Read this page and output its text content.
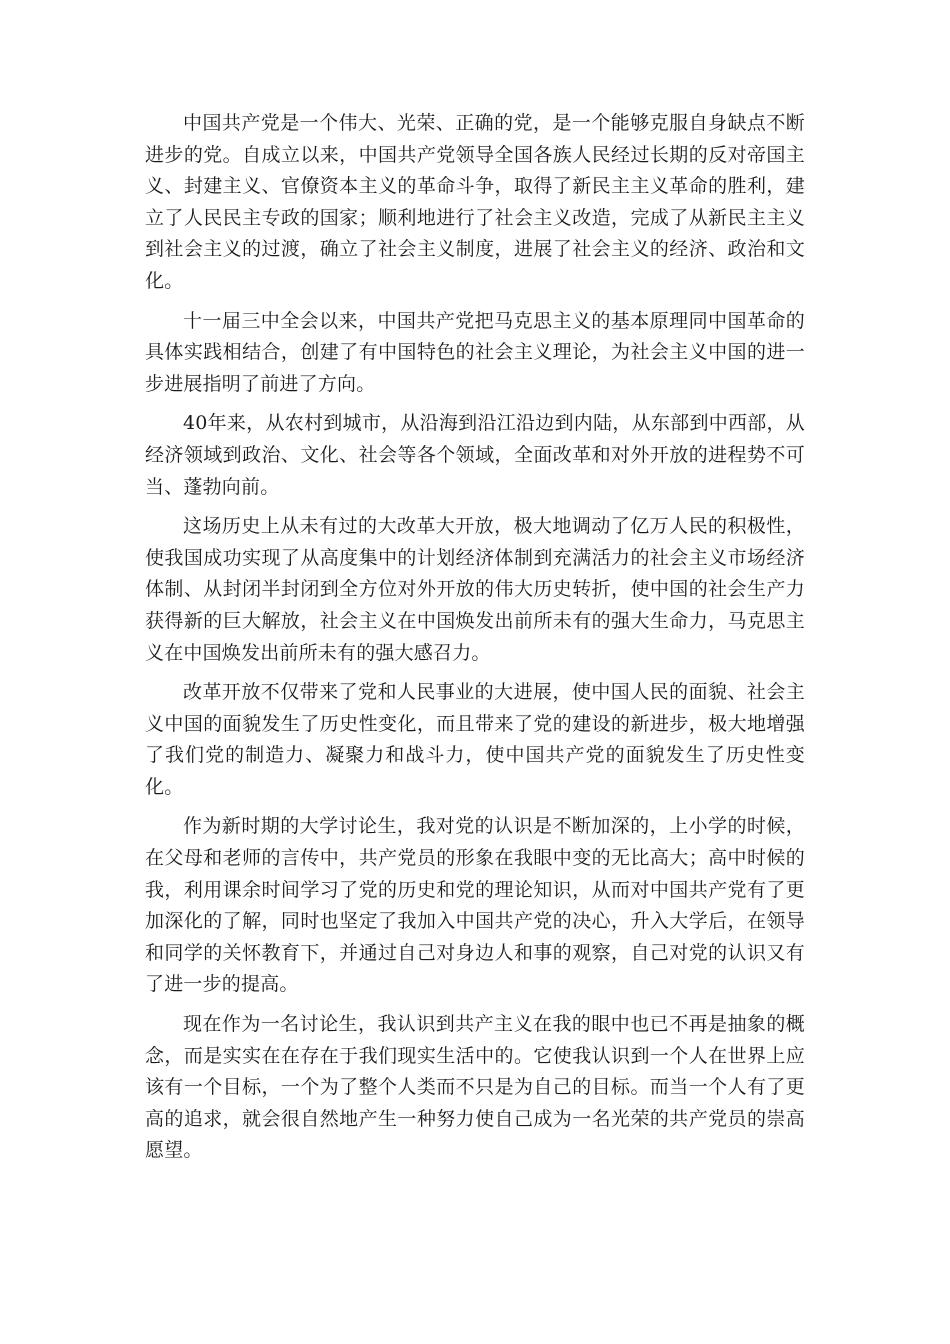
中国共产党是一个伟大、光荣、正确的党，是一个能够克服自身缺点不断进步的党。自成立以来，中国共产党领导全国各族人民经过长期的反对帝国主义、封建主义、官僚资本主义的革命斗争，取得了新民主主义革命的胜利，建立了人民民主专政的国家；顺利地进行了社会主义改造，完成了从新民主主义到社会主义的过渡，确立了社会主义制度，进展了社会主义的经济、政治和文化。

十一届三中全会以来，中国共产党把马克思主义的基本原理同中国革命的具体实践相结合，创建了有中国特色的社会主义理论，为社会主义中国的进一步进展指明了前进了方向。

40年来，从农村到城市，从沿海到沿江沿边到内陆，从东部到中西部，从经济领域到政治、文化、社会等各个领域，全面改革和对外开放的进程势不可当、蓬勃向前。

这场历史上从未有过的大改革大开放，极大地调动了亿万人民的积极性，使我国成功实现了从高度集中的计划经济体制到充满活力的社会主义市场经济体制、从封闭半封闭到全方位对外开放的伟大历史转折，使中国的社会生产力获得新的巨大解放，社会主义在中国焕发出前所未有的强大生命力，马克思主义在中国焕发出前所未有的强大感召力。

改革开放不仅带来了党和人民事业的大进展，使中国人民的面貌、社会主义中国的面貌发生了历史性变化，而且带来了党的建设的新进步，极大地增强了我们党的制造力、凝聚力和战斗力，使中国共产党的面貌发生了历史性变化。

作为新时期的大学讨论生，我对党的认识是不断加深的，上小学的时候，在父母和老师的言传中，共产党员的形象在我眼中变的无比高大；高中时候的我，利用课余时间学习了党的历史和党的理论知识，从而对中国共产党有了更加深化的了解，同时也坚定了我加入中国共产党的决心，升入大学后，在领导和同学的关怀教育下，并通过自己对身边人和事的观察，自己对党的认识又有了进一步的提高。

现在作为一名讨论生，我认识到共产主义在我的眼中也已不再是抽象的概念，而是实实在在存在于我们现实生活中的。它使我认识到一个人在世界上应该有一个目标，一个为了整个人类而不只是为自己的目标。而当一个人有了更高的追求，就会很自然地产生一种努力使自己成为一名光荣的共产党员的崇高愿望。
